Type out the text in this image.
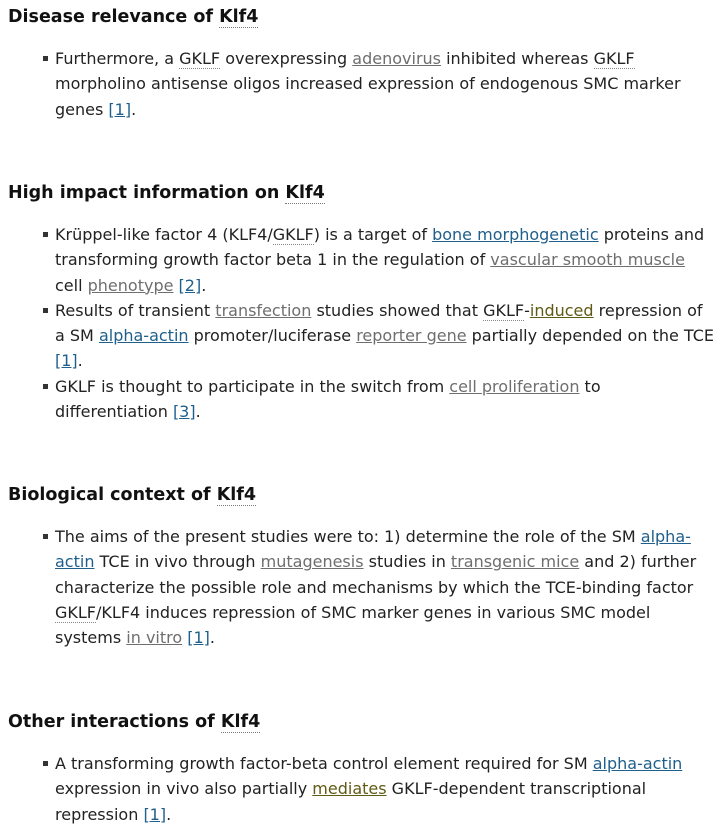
Disease relevance of Klf4
Furthermore, a GKLF overexpressing adenovirus inhibited whereas GKLF morpholino antisense oligos increased expression of endogenous SMC marker genes [1].
High impact information on Klf4
Krüppel-like factor 4 (KLF4/GKLF) is a target of bone morphogenetic proteins and transforming growth factor beta 1 in the regulation of vascular smooth muscle cell phenotype [2].
Results of transient transfection studies showed that GKLF-induced repression of a SM alpha-actin promoter/luciferase reporter gene partially depended on the TCE [1].
GKLF is thought to participate in the switch from cell proliferation to differentiation [3].
Biological context of Klf4
The aims of the present studies were to: 1) determine the role of the SM alpha-actin TCE in vivo through mutagenesis studies in transgenic mice and 2) further characterize the possible role and mechanisms by which the TCE-binding factor GKLF/KLF4 induces repression of SMC marker genes in various SMC model systems in vitro [1].
Other interactions of Klf4
A transforming growth factor-beta control element required for SM alpha-actin expression in vivo also partially mediates GKLF-dependent transcriptional repression [1].
